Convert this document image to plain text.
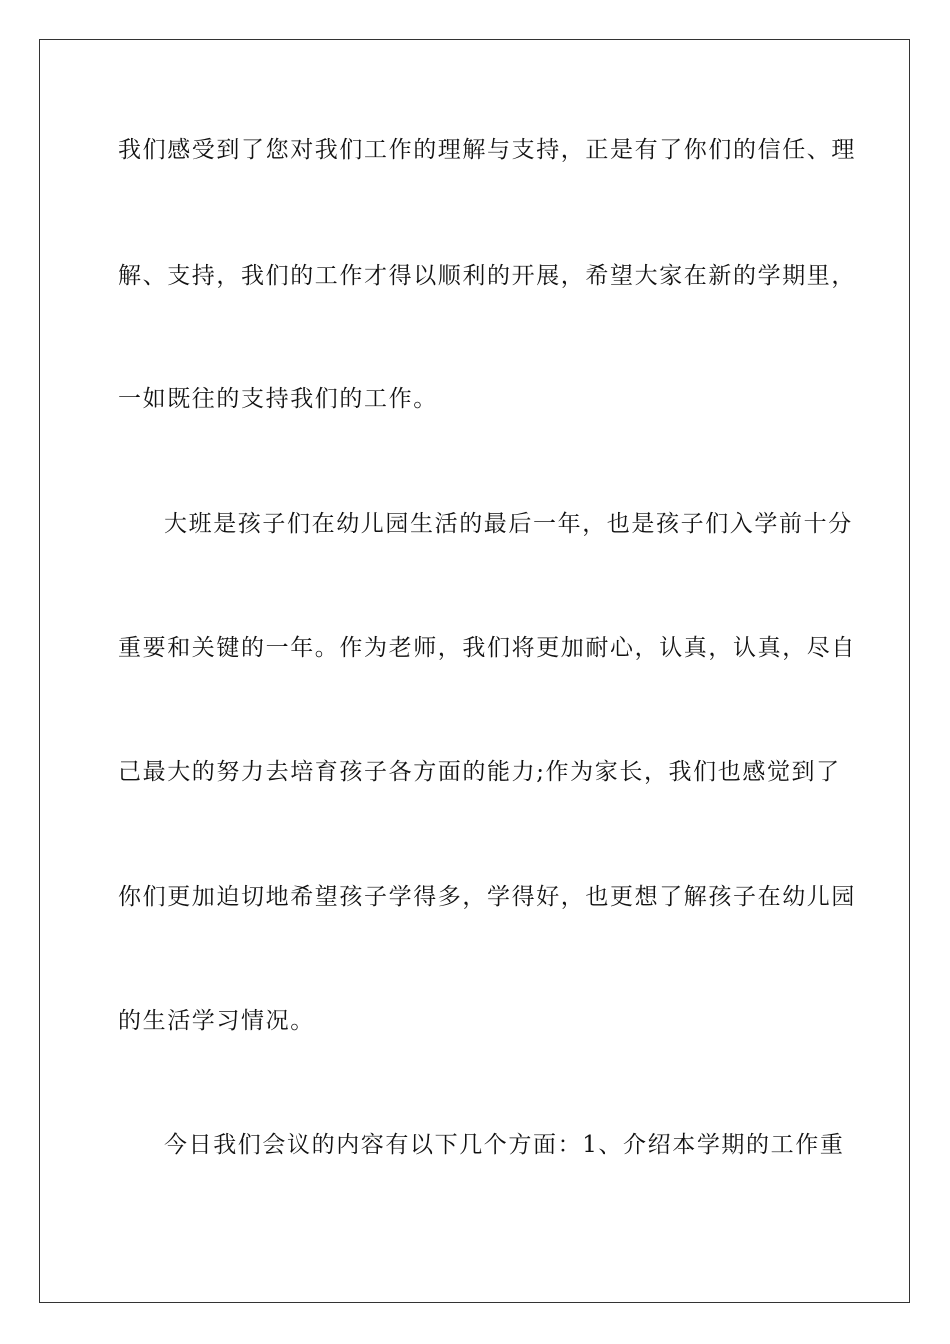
我们感受到了您对我们工作的理解与支持，正是有了你们的信任、理
解、支持，我们的工作才得以顺利的开展，希望大家在新的学期里，
一如既往的支持我们的工作。
大班是孩子们在幼儿园生活的最后一年，也是孩子们入学前十分
重要和关键的一年。作为老师，我们将更加耐心，认真，认真，尽自
己最大的努力去培育孩子各方面的能力;作为家长，我们也感觉到了
你们更加迫切地希望孩子学得多，学得好，也更想了解孩子在幼儿园
的生活学习情况。
今日我们会议的内容有以下几个方面：1、介绍本学期的工作重
